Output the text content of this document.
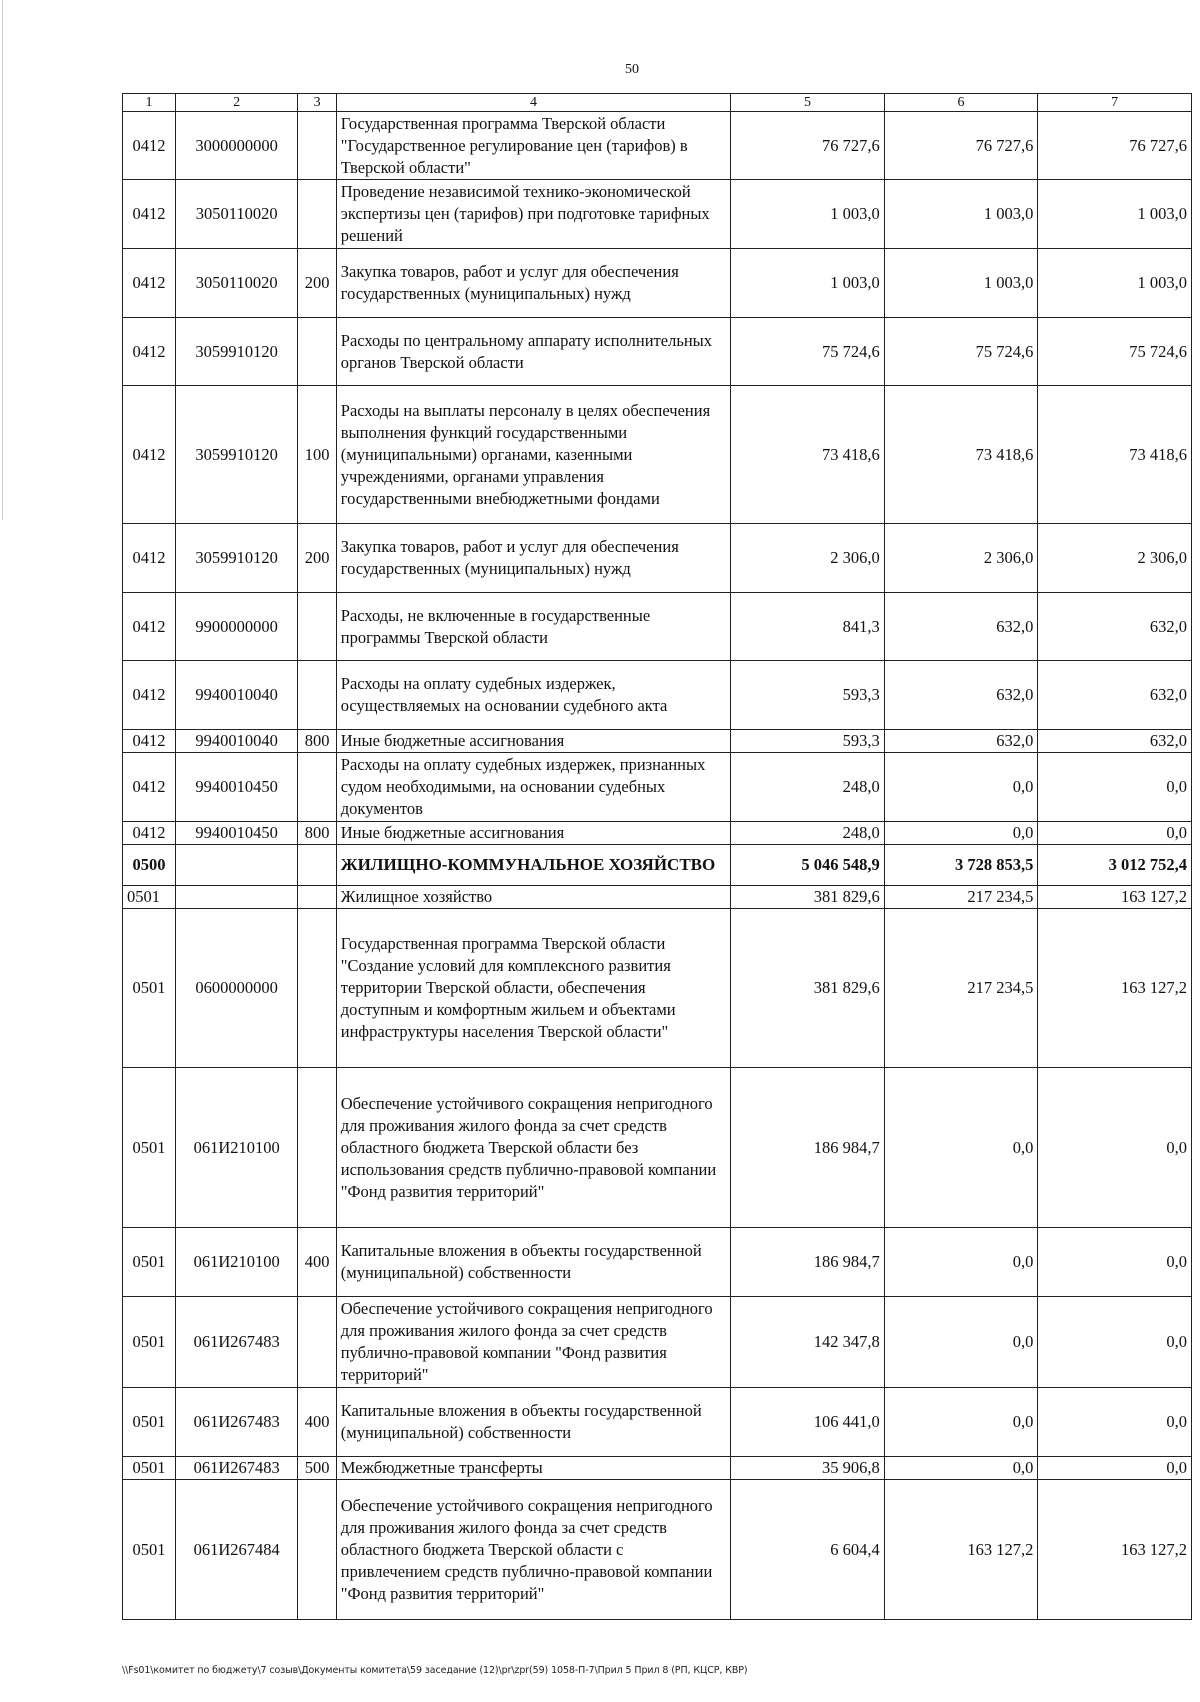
50
1	2	3	4	5	6	7
0412	3000000000		Государственная программа Тверской области "Государственное регулирование цен (тарифов) в Тверской области"	76 727,6	76 727,6	76 727,6
0412	3050110020		Проведение независимой технико-экономической экспертизы цен (тарифов) при подготовке тарифных решений	1 003,0	1 003,0	1 003,0
0412	3050110020	200	Закупка товаров, работ и услуг для обеспечения государственных (муниципальных) нужд	1 003,0	1 003,0	1 003,0
0412	3059910120		Расходы по центральному аппарату исполнительных органов Тверской области	75 724,6	75 724,6	75 724,6
0412	3059910120	100	Расходы на выплаты персоналу в целях обеспечения выполнения функций государственными (муниципальными) органами, казенными учреждениями, органами управления государственными внебюджетными фондами	73 418,6	73 418,6	73 418,6
0412	3059910120	200	Закупка товаров, работ и услуг для обеспечения государственных (муниципальных) нужд	2 306,0	2 306,0	2 306,0
0412	9900000000		Расходы, не включенные в государственные программы Тверской области	841,3	632,0	632,0
0412	9940010040		Расходы на оплату судебных издержек, осуществляемых на основании судебного акта	593,3	632,0	632,0
0412	9940010040	800	Иные бюджетные ассигнования	593,3	632,0	632,0
0412	9940010450		Расходы на оплату судебных издержек, признанных судом необходимыми, на основании судебных документов	248,0	0,0	0,0
0412	9940010450	800	Иные бюджетные ассигнования	248,0	0,0	0,0
0500			ЖИЛИЩНО-КОММУНАЛЬНОЕ ХОЗЯЙСТВО	5 046 548,9	3 728 853,5	3 012 752,4
0501			Жилищное хозяйство	381 829,6	217 234,5	163 127,2
0501	0600000000		Государственная программа Тверской области "Создание условий для комплексного развития территории Тверской области, обеспечения доступным и комфортным жильем и объектами инфраструктуры населения Тверской области"	381 829,6	217 234,5	163 127,2
0501	061И210100		Обеспечение устойчивого сокращения непригодного для проживания жилого фонда за счет средств областного бюджета Тверской области без использования средств публично-правовой компании "Фонд развития территорий"	186 984,7	0,0	0,0
0501	061И210100	400	Капитальные вложения в объекты государственной (муниципальной) собственности	186 984,7	0,0	0,0
0501	061И267483		Обеспечение устойчивого сокращения непригодного для проживания жилого фонда за счет средств публично-правовой компании "Фонд развития территорий"	142 347,8	0,0	0,0
0501	061И267483	400	Капитальные вложения в объекты государственной (муниципальной) собственности	106 441,0	0,0	0,0
0501	061И267483	500	Межбюджетные трансферты	35 906,8	0,0	0,0
0501	061И267484		Обеспечение устойчивого сокращения непригодного для проживания жилого фонда за счет средств областного бюджета Тверской области с привлечением средств публично-правовой компании "Фонд развития территорий"	6 604,4	163 127,2	163 127,2
\\Fs01\комитет по бюджету\7 созыв\Документы комитета\59 заседание (12)\pr\zpr(59) 1058-П-7\Прил 5 Прил 8 (РП, КЦСР, КВР)
